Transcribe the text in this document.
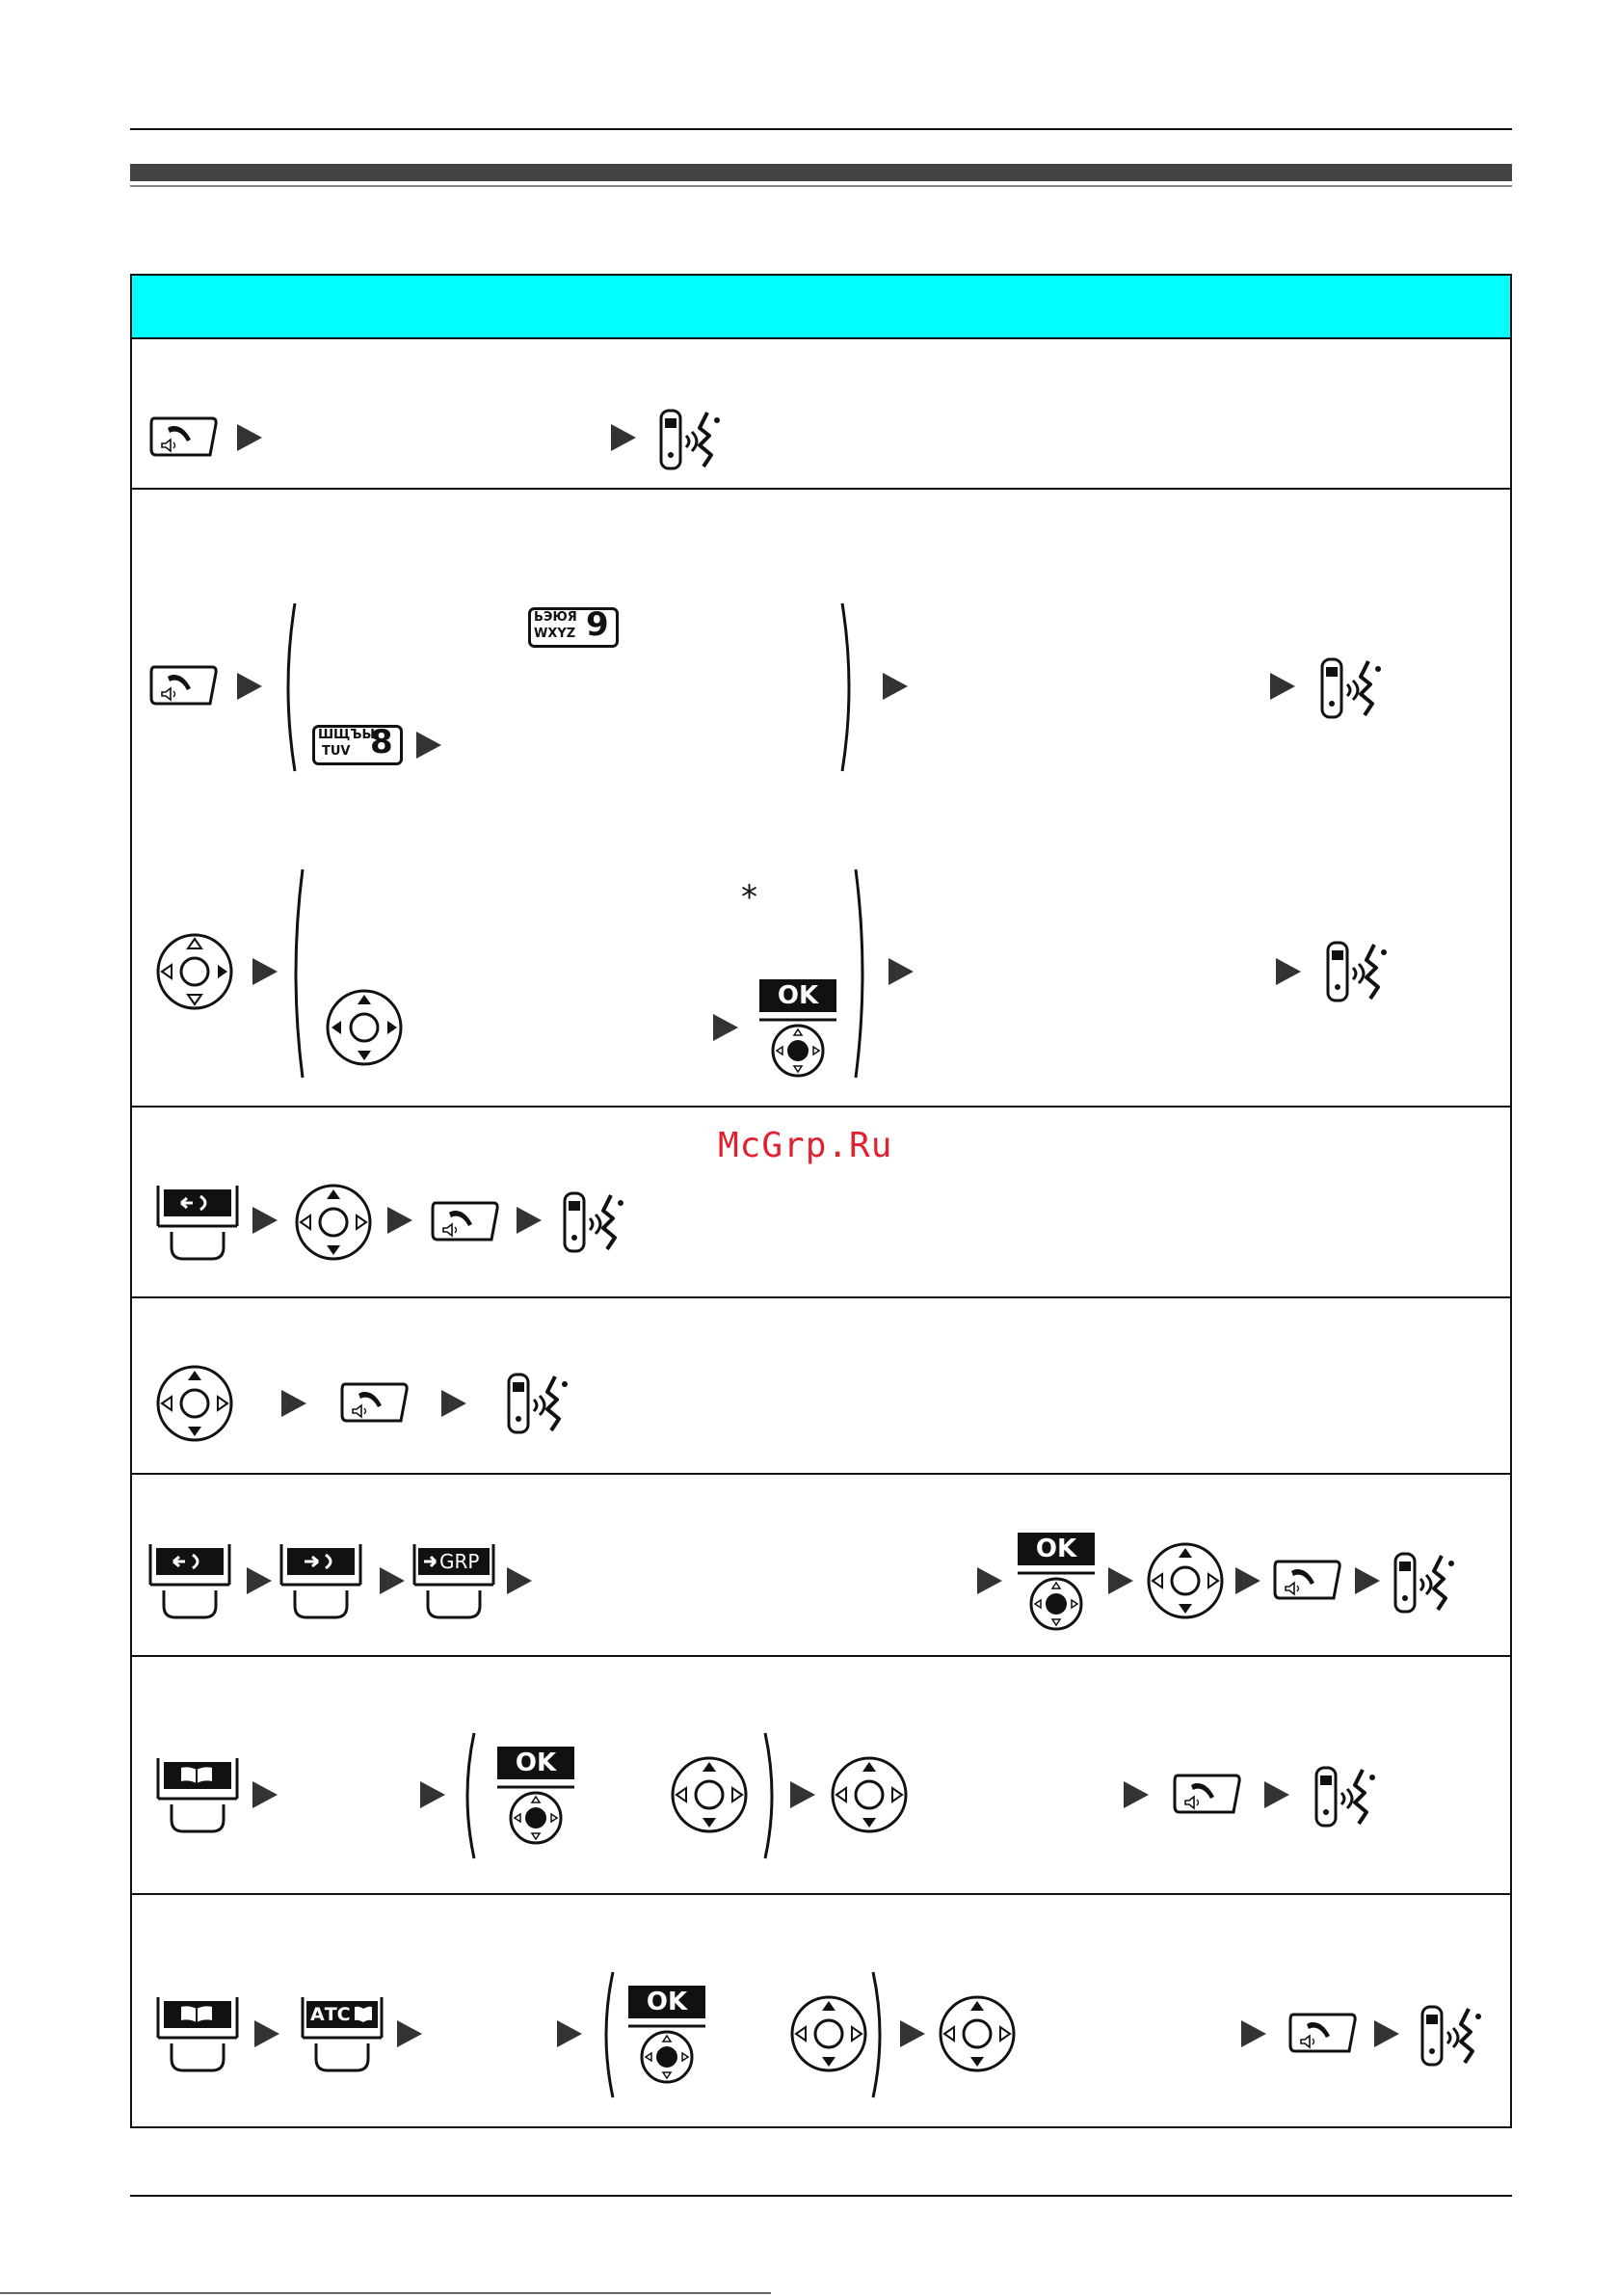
ЬЭЮЯ
WXYZ 9
ШЩЪЫ
TUV 8
*
OK
McGrp.Ru
GRP	OK
OK
АТС	OK
